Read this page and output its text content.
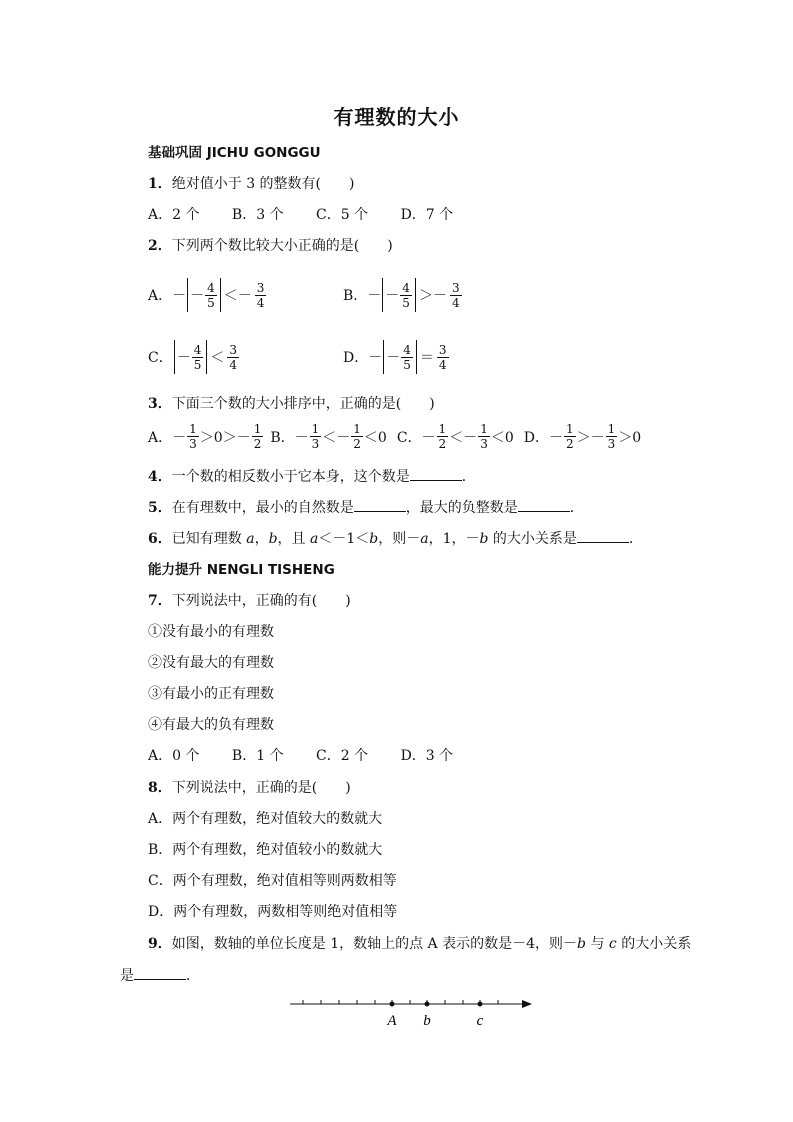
有理数的大小
基础巩固 JICHU GONGGU
1．绝对值小于 3 的整数有(　　)
A．2 个 B．3 个 C．5 个 D．7 个
2．下列两个数比较大小正确的是(　　)
A． － － $\frac{4}{5} <- \frac{3}{4}$	B． － － $\frac{4}{5} >- \frac{3}{4}$
C． － $\frac{4}{5} < \frac{3}{4}$	D． － － $\frac{4}{5} = \frac{3}{4}$
3．下面三个数的大小排序中，正确的是(　　)
A． － $\frac{1}{3} >0>- \frac{1}{2}$ B． － $\frac{1}{3} <- \frac{1}{2} <0$ C． － $\frac{1}{2} <- \frac{1}{3} <0$ D． － $\frac{1}{2} >- \frac{1}{3} >0$
4．一个数的相反数小于它本身，这个数是	．
5．在有理数中，最小的自然数是	，最大的负整数是	．
6．已知有理数 a，b，且 a＜－1＜b，则－a，1，－b 的大小关系是	．
能力提升 NENGLI TISHENG
7．下列说法中，正确的有(　　)
①没有最小的有理数
②没有最大的有理数
③有最小的正有理数
④有最大的负有理数
A．0 个 B．1 个 C．2 个 D．3 个
8．下列说法中，正确的是(　　)
A．两个有理数，绝对值较大的数就大
B．两个有理数，绝对值较小的数就大
C．两个有理数，绝对值相等则两数相等
D．两个有理数，两数相等则绝对值相等
9．如图，数轴的单位长度是 1，数轴上的点 A 表示的数是－4，则－b 与 c 的大小关系
是	．
A b	c
